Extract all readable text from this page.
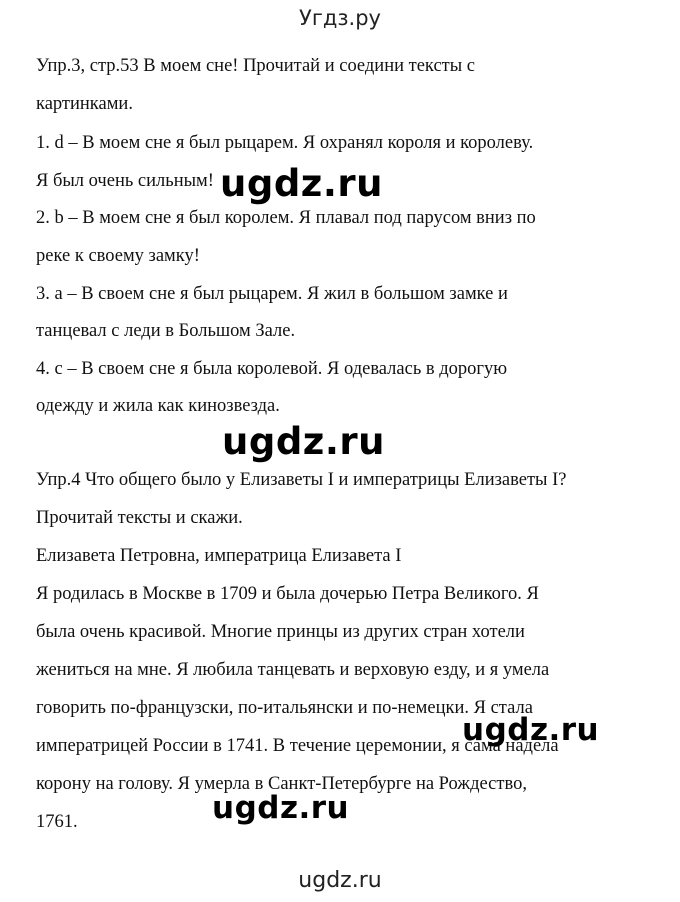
Угдз.ру
Упр.3, стр.53 В моем сне! Прочитай и соедини тексты с
картинками.
1. d – В моем сне я был рыцарем. Я охранял короля и королеву.
Я был очень сильным!
2. b – В моем сне я был королем. Я плавал под парусом вниз по
реке к своему замку!
3. a – В своем сне я был рыцарем. Я жил в большом замке и
танцевал с леди в Большом Зале.
4. c – В своем сне я была королевой. Я одевалась в дорогую
одежду и жила как кинозвезда.
Упр.4 Что общего было у Елизаветы I и императрицы Елизаветы I?
Прочитай тексты и скажи.
Елизавета Петровна, императрица Елизавета I
Я родилась в Москве в 1709 и была дочерью Петра Великого. Я
была очень красивой. Многие принцы из других стран хотели
жениться на мне. Я любила танцевать и верховую езду, и я умела
говорить по-французски, по-итальянски и по-немецки. Я стала
императрицей России в 1741. В течение церемонии, я сама надела
корону на голову. Я умерла в Санкт-Петербурге на Рождество,
1761.
ugdz.ru
ugdz.ru
ugdz.ru
ugdz.ru
ugdz.ru
